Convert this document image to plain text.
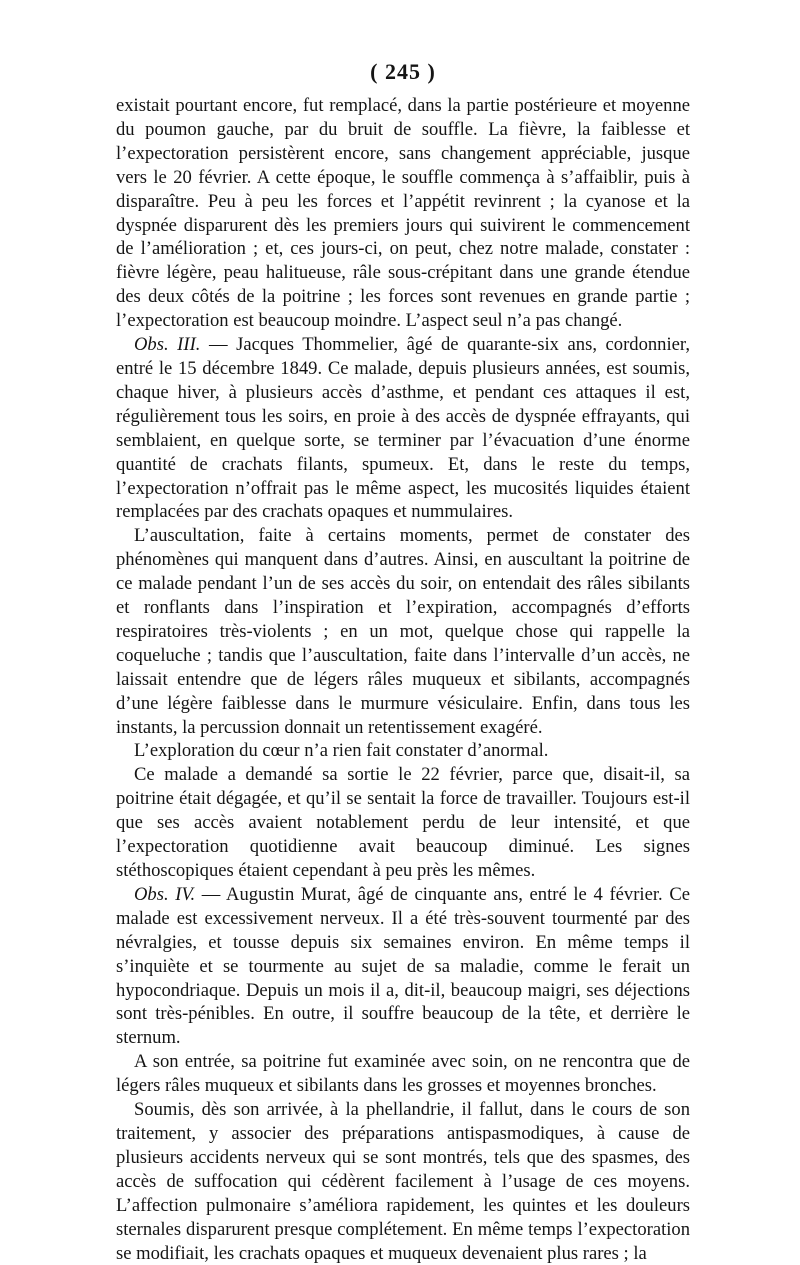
( 245 )

existait pourtant encore, fut remplacé, dans la partie postérieure et moyenne du poumon gauche, par du bruit de souffle. La fièvre, la faiblesse et l’expectoration persistèrent encore, sans changement appréciable, jusque vers le 20 février. A cette époque, le souffle commença à s’affaiblir, puis à disparaître. Peu à peu les forces et l’appétit revinrent ; la cyanose et la dyspnée disparurent dès les premiers jours qui suivirent le commencement de l’amélioration ; et, ces jours-ci, on peut, chez notre malade, constater : fièvre légère, peau halitueuse, râle sous-crépitant dans une grande étendue des deux côtés de la poitrine ; les forces sont revenues en grande partie ; l’expectoration est beaucoup moindre. L’aspect seul n’a pas changé.

Obs. III. — Jacques Thommelier, âgé de quarante-six ans, cordonnier, entré le 15 décembre 1849. Ce malade, depuis plusieurs années, est soumis, chaque hiver, à plusieurs accès d’asthme, et pendant ces attaques il est, régulièrement tous les soirs, en proie à des accès de dyspnée effrayants, qui semblaient, en quelque sorte, se terminer par l’évacuation d’une énorme quantité de crachats filants, spumeux. Et, dans le reste du temps, l’expectoration n’offrait pas le même aspect, les mucosités liquides étaient remplacées par des crachats opaques et nummulaires.

L’auscultation, faite à certains moments, permet de constater des phénomènes qui manquent dans d’autres. Ainsi, en auscultant la poitrine de ce malade pendant l’un de ses accès du soir, on entendait des râles sibilants et ronflants dans l’inspiration et l’expiration, accompagnés d’efforts respiratoires très-violents ; en un mot, quelque chose qui rappelle la coqueluche ; tandis que l’auscultation, faite dans l’intervalle d’un accès, ne laissait entendre que de légers râles muqueux et sibilants, accompagnés d’une légère faiblesse dans le murmure vésiculaire. Enfin, dans tous les instants, la percussion donnait un retentissement exagéré.

L’exploration du cœur n’a rien fait constater d’anormal.

Ce malade a demandé sa sortie le 22 février, parce que, disait-il, sa poitrine était dégagée, et qu’il se sentait la force de travailler. Toujours est-il que ses accès avaient notablement perdu de leur intensité, et que l’expectoration quotidienne avait beaucoup diminué. Les signes stéthoscopiques étaient cependant à peu près les mêmes.

Obs. IV. — Augustin Murat, âgé de cinquante ans, entré le 4 février. Ce malade est excessivement nerveux. Il a été très-souvent tourmenté par des névralgies, et tousse depuis six semaines environ. En même temps il s’inquiète et se tourmente au sujet de sa maladie, comme le ferait un hypocondriaque. Depuis un mois il a, dit-il, beaucoup maigri, ses déjections sont très-pénibles. En outre, il souffre beaucoup de la tête, et derrière le sternum.

A son entrée, sa poitrine fut examinée avec soin, on ne rencontra que de légers râles muqueux et sibilants dans les grosses et moyennes bronches.

Soumis, dès son arrivée, à la phellandrie, il fallut, dans le cours de son traitement, y associer des préparations antispasmodiques, à cause de plusieurs accidents nerveux qui se sont montrés, tels que des spasmes, des accès de suffocation qui cédèrent facilement à l’usage de ces moyens. L’affection pulmonaire s’améliora rapidement, les quintes et les douleurs sternales disparurent presque complétement. En même temps l’expectoration se modifiait, les crachats opaques et muqueux devenaient plus rares ; la
